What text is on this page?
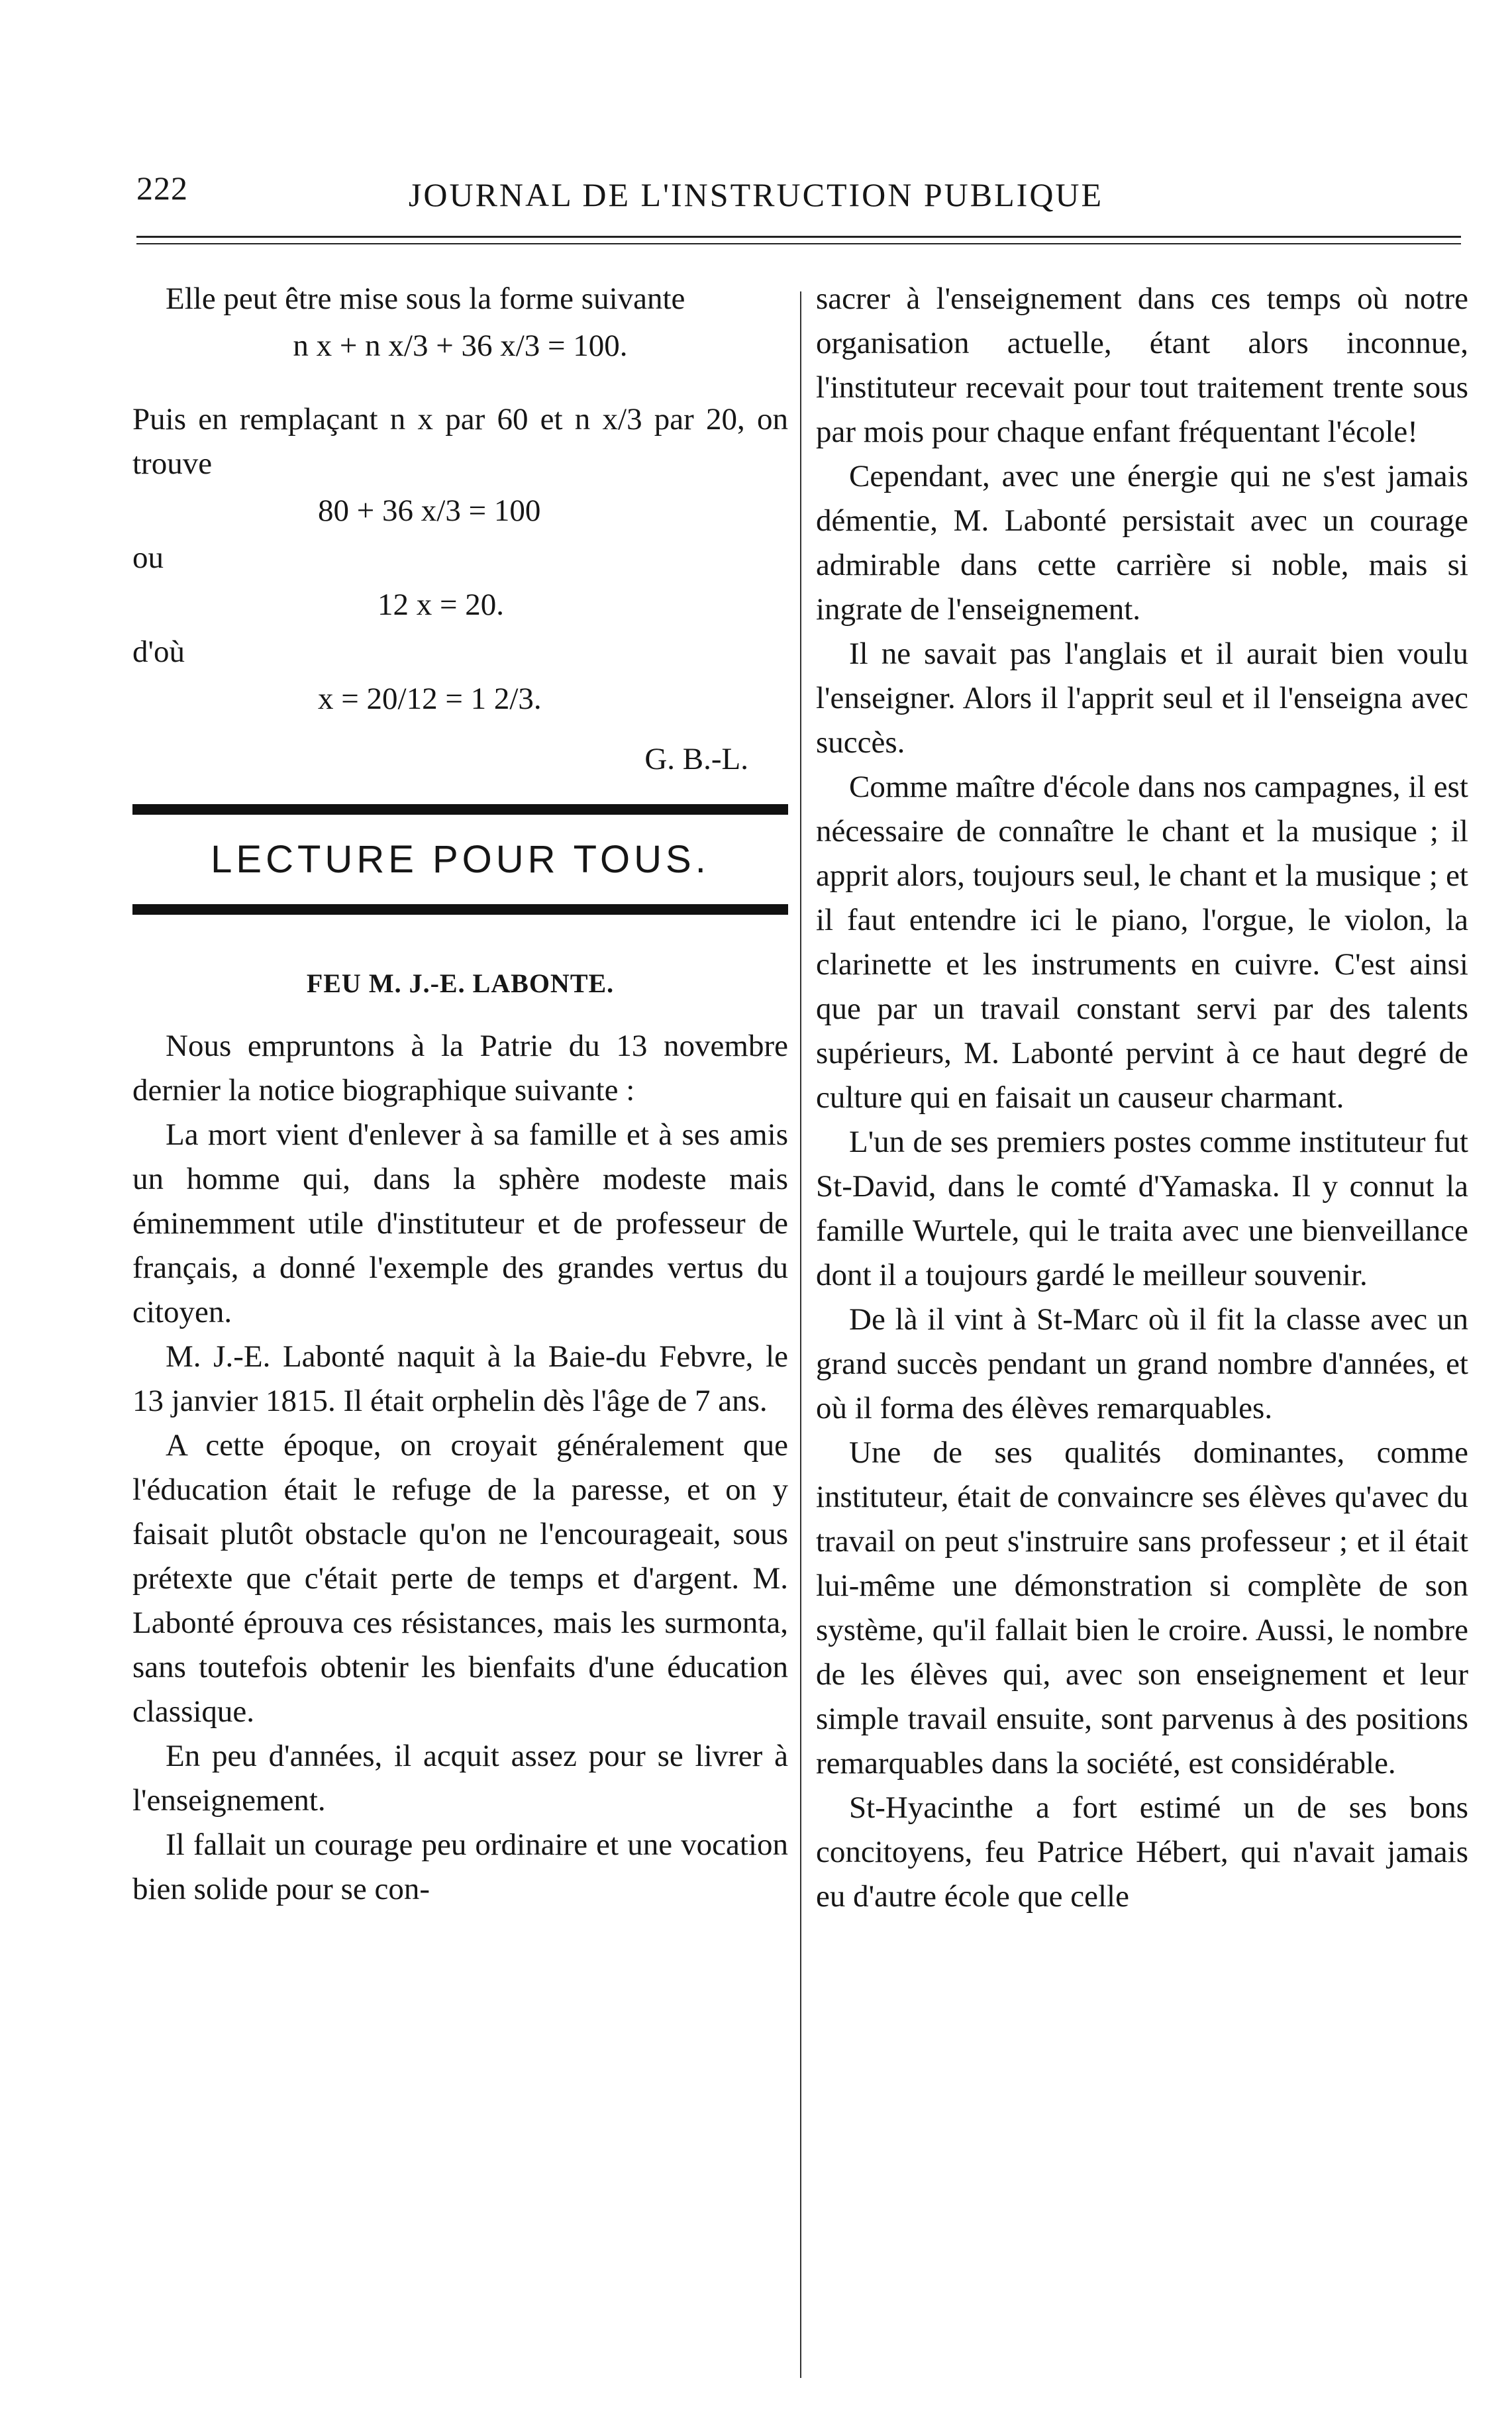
222	JOURNAL DE L'INSTRUCTION PUBLIQUE

Elle peut être mise sous la forme suivante

n x + n x/3 + 36 x/3 = 100.

Puis en remplaçant n x par 60 et n x/3 par 20, on trouve

80 + 36 x/3 = 100

ou

12 x = 20.

d'où

x = 20/12 = 1 2/3.

G. B.-L.

LECTURE POUR TOUS.
FEU M. J.-E. LABONTE.

Nous empruntons à la Patrie du 13 novembre dernier la notice biographique suivante :

La mort vient d'enlever à sa famille et à ses amis un homme qui, dans la sphère modeste mais éminemment utile d'instituteur et de professeur de français, a donné l'exemple des grandes vertus du citoyen.

M. J.-E. Labonté naquit à la Baie-du Febvre, le 13 janvier 1815. Il était orphelin dès l'âge de 7 ans.

A cette époque, on croyait généralement que l'éducation était le refuge de la paresse, et on y faisait plutôt obstacle qu'on ne l'encourageait, sous prétexte que c'était perte de temps et d'argent. M. Labonté éprouva ces résistances, mais les surmonta, sans toutefois obtenir les bienfaits d'une éducation classique.

En peu d'années, il acquit assez pour se livrer à l'enseignement.

Il fallait un courage peu ordinaire et une vocation bien solide pour se con-

sacrer à l'enseignement dans ces temps où notre organisation actuelle, étant alors inconnue, l'instituteur recevait pour tout traitement trente sous par mois pour chaque enfant fréquentant l'école!

Cependant, avec une énergie qui ne s'est jamais démentie, M. Labonté persistait avec un courage admirable dans cette carrière si noble, mais si ingrate de l'enseignement.

Il ne savait pas l'anglais et il aurait bien voulu l'enseigner. Alors il l'apprit seul et il l'enseigna avec succès.

Comme maître d'école dans nos campagnes, il est nécessaire de connaître le chant et la musique ; il apprit alors, toujours seul, le chant et la musique ; et il faut entendre ici le piano, l'orgue, le violon, la clarinette et les instruments en cuivre. C'est ainsi que par un travail constant servi par des talents supérieurs, M. Labonté pervint à ce haut degré de culture qui en faisait un causeur charmant.

L'un de ses premiers postes comme instituteur fut St-David, dans le comté d'Yamaska. Il y connut la famille Wurtele, qui le traita avec une bienveillance dont il a toujours gardé le meilleur souvenir.

De là il vint à St-Marc où il fit la classe avec un grand succès pendant un grand nombre d'années, et où il forma des élèves remarquables.

Une de ses qualités dominantes, comme instituteur, était de convaincre ses élèves qu'avec du travail on peut s'instruire sans professeur ; et il était lui-même une démonstration si complète de son système, qu'il fallait bien le croire. Aussi, le nombre de les élèves qui, avec son enseignement et leur simple travail ensuite, sont parvenus à des positions remarquables dans la société, est considérable.

St-Hyacinthe a fort estimé un de ses bons concitoyens, feu Patrice Hébert, qui n'avait jamais eu d'autre école que celle
